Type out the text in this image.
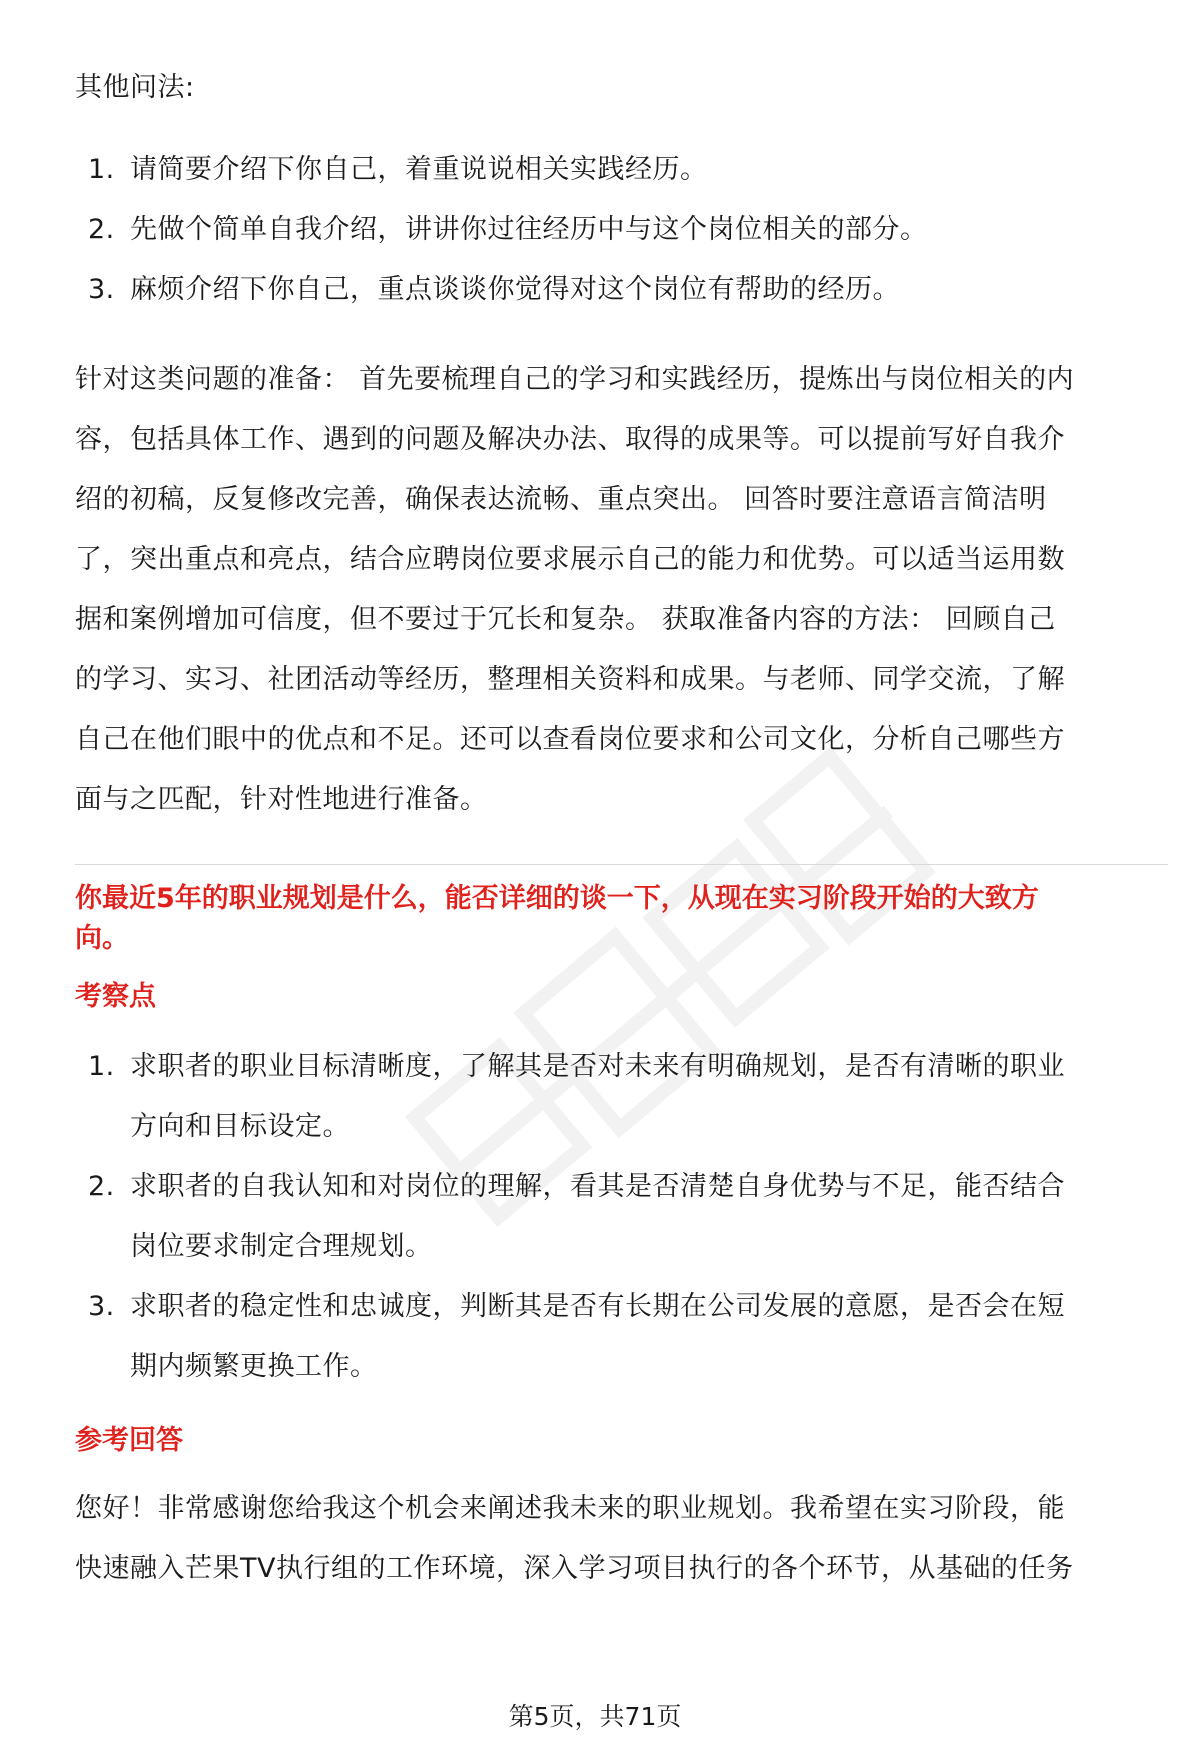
其他问法:

1. 请简要介绍下你自己，着重说说相关实践经历。
2. 先做个简单自我介绍，讲讲你过往经历中与这个岗位相关的部分。
3. 麻烦介绍下你自己，重点谈谈你觉得对这个岗位有帮助的经历。

针对这类问题的准备： 首先要梳理自己的学习和实践经历，提炼出与岗位相关的内

容，包括具体工作、遇到的问题及解决办法、取得的成果等。可以提前写好自我介

绍的初稿，反复修改完善，确保表达流畅、重点突出。 回答时要注意语言简洁明

了，突出重点和亮点，结合应聘岗位要求展示自己的能力和优势。可以适当运用数

据和案例增加可信度，但不要过于冗长和复杂。 获取准备内容的方法： 回顾自己

的学习、实习、社团活动等经历，整理相关资料和成果。与老师、同学交流，了解

自己在他们眼中的优点和不足。还可以查看岗位要求和公司文化，分析自己哪些方

面与之匹配，针对性地进行准备。

你最近5年的职业规划是什么，能否详细的谈一下，从现在实习阶段开始的大致方

向。

考察点

1. 求职者的职业目标清晰度，了解其是否对未来有明确规划，是否有清晰的职业
方向和目标设定。
2. 求职者的自我认知和对岗位的理解，看其是否清楚自身优势与不足，能否结合
岗位要求制定合理规划。
3. 求职者的稳定性和忠诚度，判断其是否有长期在公司发展的意愿，是否会在短
期内频繁更换工作。

参考回答

您好！非常感谢您给我这个机会来阐述我未来的职业规划。我希望在实习阶段，能

快速融入芒果TV执行组的工作环境，深入学习项目执行的各个环节，从基础的任务

第5页，共71页
